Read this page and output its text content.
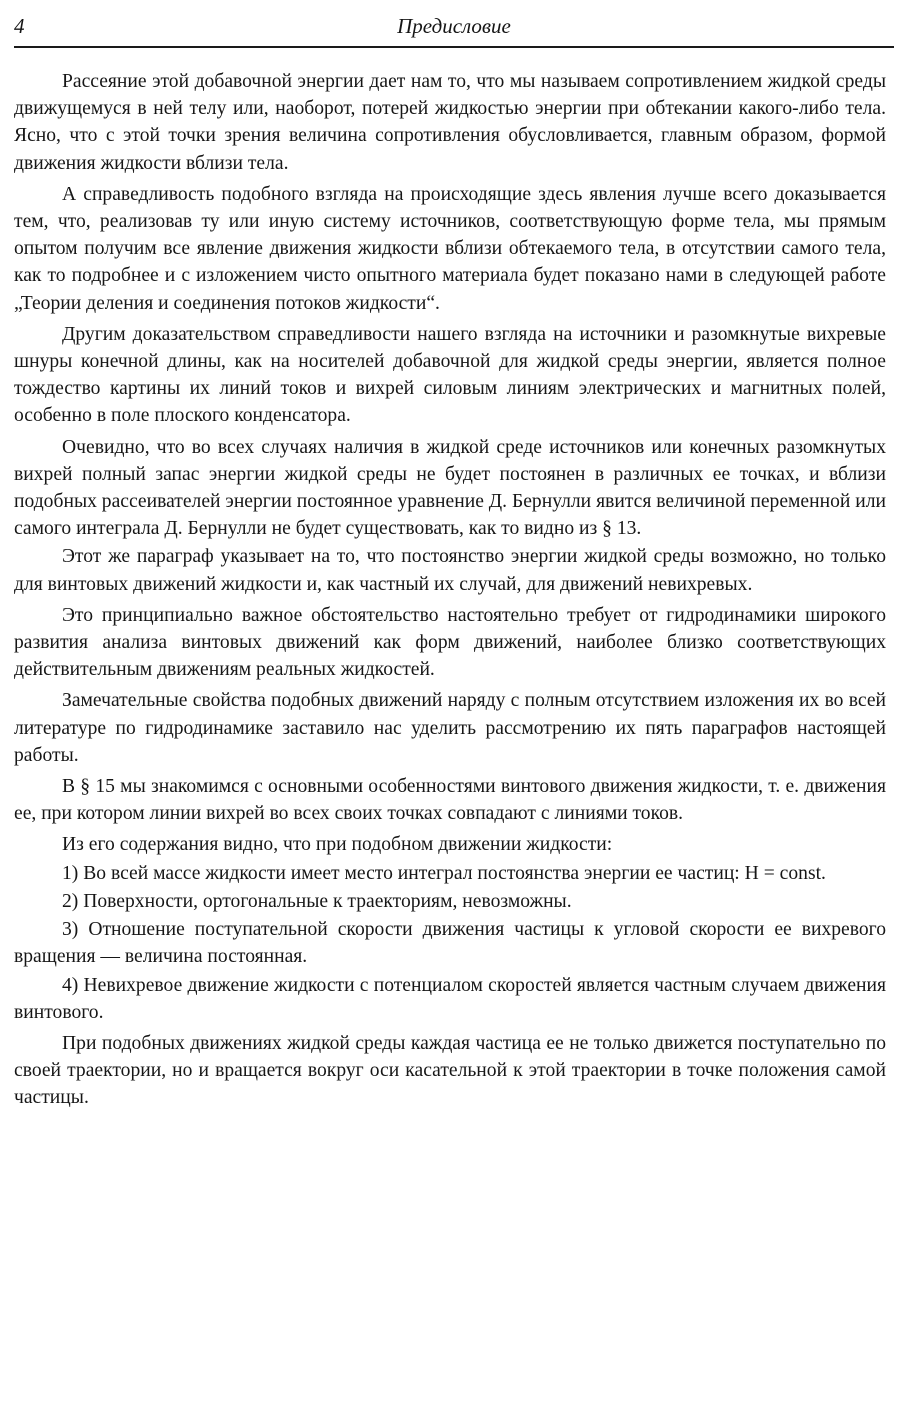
4	Предисловие

Рассеяние этой добавочной энергии дает нам то, что мы называем сопротивлением жидкой среды движущемуся в ней телу или, наоборот, потерей жидкостью энергии при обтекании какого-либо тела. Ясно, что с этой точки зрения величина сопротивления обусловливается, главным образом, формой движения жидкости вблизи тела.

А справедливость подобного взгляда на происходящие здесь явления лучше всего доказывается тем, что, реализовав ту или иную систему источников, соответствующую форме тела, мы прямым опытом получим все явление движения жидкости вблизи обтекаемого тела, в отсутствии самого тела, как то подробнее и с изложением чисто опытного материала будет показано нами в следующей работе „Теории деления и соединения потоков жидкости“.

Другим доказательством справедливости нашего взгляда на источники и разомкнутые вихревые шнуры конечной длины, как на носителей добавочной для жидкой среды энергии, является полное тождество картины их линий токов и вихрей силовым линиям электрических и магнитных полей, особенно в поле плоского конденсатора.

Очевидно, что во всех случаях наличия в жидкой среде источников или конечных разомкнутых вихрей полный запас энергии жидкой среды не будет постоянен в различных ее точках, и вблизи подобных рассеивателей энергии постоянное уравнение Д. Бернулли явится величиной переменной или самого интеграла Д. Бернулли не будет существовать, как то видно из § 13.

Этот же параграф указывает на то, что постоянство энергии жидкой среды возможно, но только для винтовых движений жидкости и, как частный их случай, для движений невихревых.

Это принципиально важное обстоятельство настоятельно требует от гидродинамики широкого развития анализа винтовых движений как форм движений, наиболее близко соответствующих действительным движениям реальных жидкостей.

Замечательные свойства подобных движений наряду с полным отсутствием изложения их во всей литературе по гидродинамике заставило нас уделить рассмотрению их пять параграфов настоящей работы.

В § 15 мы знакомимся с основными особенностями винтового движения жидкости, т. е. движения ее, при котором линии вихрей во всех своих точках совпадают с линиями токов.

Из его содержания видно, что при подобном движении жидкости:

1) Во всей массе жидкости имеет место интеграл постоянства энергии ее частиц: H = const.

2) Поверхности, ортогональные к траекториям, невозможны.

3) Отношение поступательной скорости движения частицы к угловой скорости ее вихревого вращения — величина постоянная.

4) Невихревое движение жидкости с потенциалом скоростей является частным случаем движения винтового.

При подобных движениях жидкой среды каждая частица ее не только движется поступательно по своей траектории, но и вращается вокруг оси касательной к этой траектории в точке положения самой частицы.
